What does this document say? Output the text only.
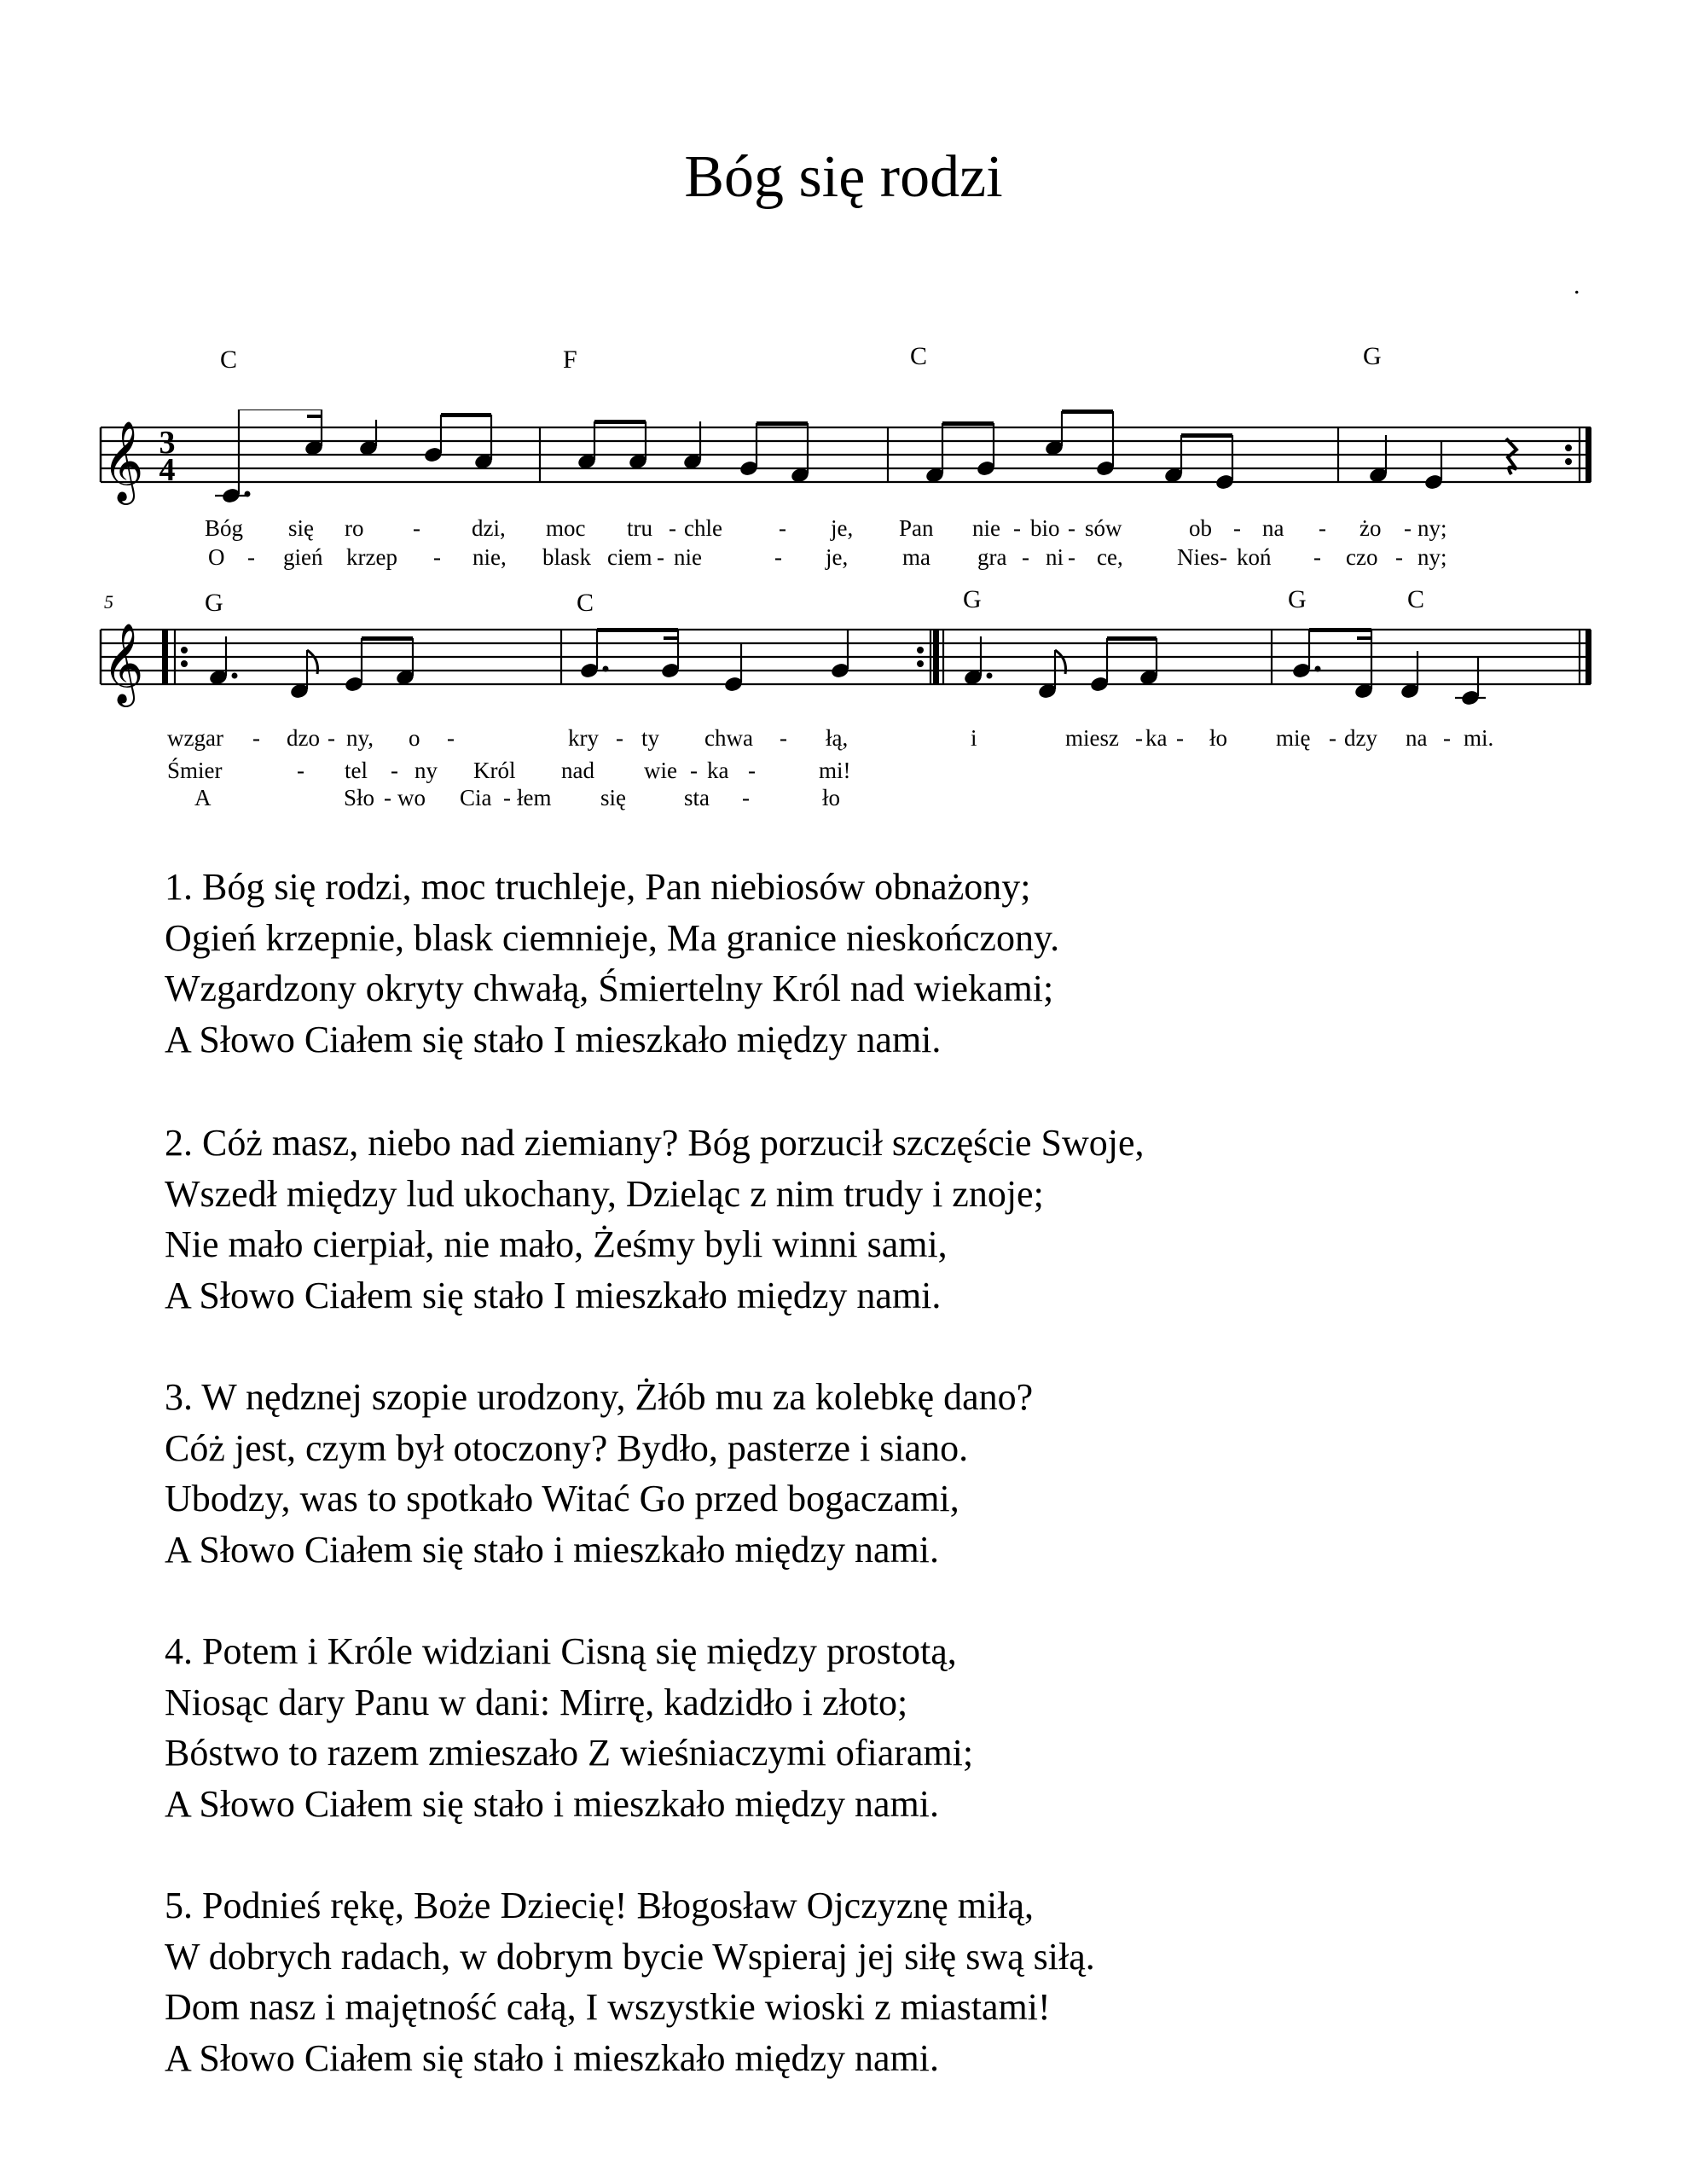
Bóg się rodzi
.
𝄞 3
4
𝄞
C	F	C	G
G	C	G	G	C
5
Bóg się ro - dzi, moc tru - chle - je, Pan nie - bio - sów	ob - na - żo - ny;
O - gień krzep - nie, blask ciem - nie	- je, ma gra - ni - ce, Nies - koń - czo - ny;
wzgar - dzo - ny, o -	kry - ty chwa - łą,	i	miesz - ka - ło mię - dzy na - mi.
Śmier	- tel - ny Król nad wie - ka -	mi!
A	Sło - wo Cia - łem się	sta -	ło
1. Bóg się rodzi, moc truchleje, Pan niebiosów obnażony;
Ogień krzepnie, blask ciemnieje, Ma granice nieskończony.
Wzgardzony okryty chwałą, Śmiertelny Król nad wiekami;
A Słowo Ciałem się stało I mieszkało między nami.
2. Cóż masz, niebo nad ziemiany? Bóg porzucił szczęście Swoje,
Wszedł między lud ukochany, Dzieląc z nim trudy i znoje;
Nie mało cierpiał, nie mało, Żeśmy byli winni sami,
A Słowo Ciałem się stało I mieszkało między nami.
3. W nędznej szopie urodzony, Żłób mu za kolebkę dano?
Cóż jest, czym był otoczony? Bydło, pasterze i siano.
Ubodzy, was to spotkało Witać Go przed bogaczami,
A Słowo Ciałem się stało i mieszkało między nami.
4. Potem i Króle widziani Cisną się między prostotą,
Niosąc dary Panu w dani: Mirrę, kadzidło i złoto;
Bóstwo to razem zmieszało Z wieśniaczymi ofiarami;
A Słowo Ciałem się stało i mieszkało między nami.
5. Podnieś rękę, Boże Dziecię! Błogosław Ojczyznę miłą,
W dobrych radach, w dobrym bycie Wspieraj jej siłę swą siłą.
Dom nasz i majętność całą, I wszystkie wioski z miastami!
A Słowo Ciałem się stało i mieszkało między nami.
